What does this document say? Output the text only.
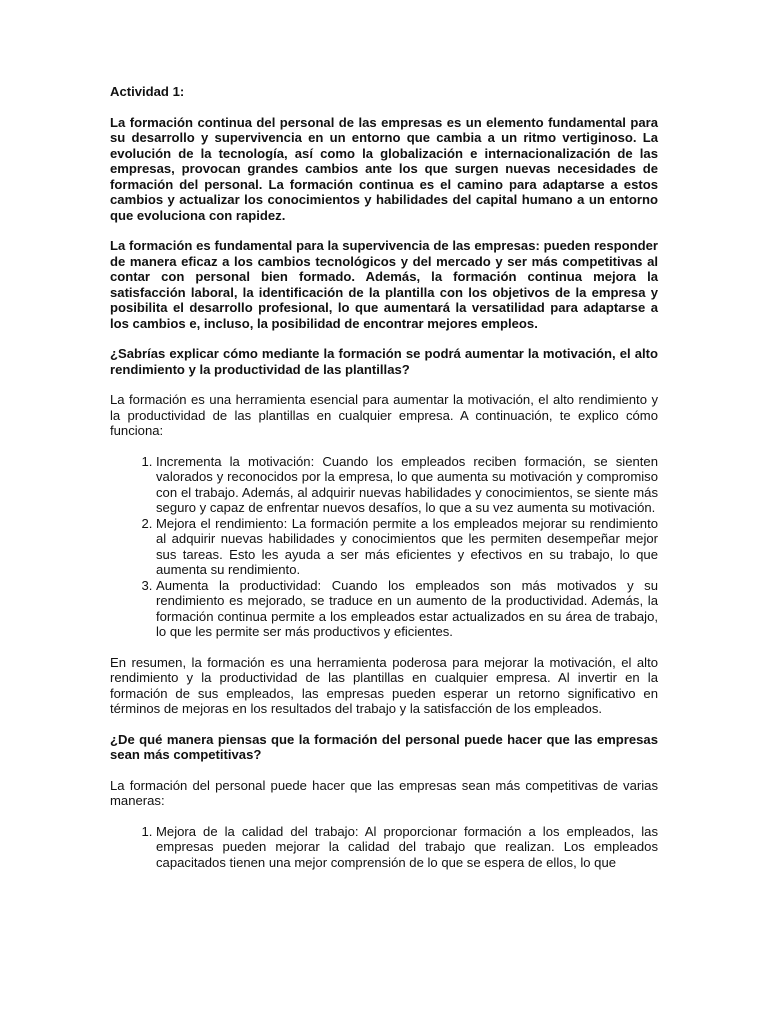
Actividad 1:

La formación continua del personal de las empresas es un elemento fundamental para su desarrollo y supervivencia en un entorno que cambia a un ritmo vertiginoso. La evolución de la tecnología, así como la globalización e internacionalización de las empresas, provocan grandes cambios ante los que surgen nuevas necesidades de formación del personal. La formación continua es el camino para adaptarse a estos cambios y actualizar los conocimientos y habilidades del capital humano a un entorno que evoluciona con rapidez.

La formación es fundamental para la supervivencia de las empresas: pueden responder de manera eficaz a los cambios tecnológicos y del mercado y ser más competitivas al contar con personal bien formado. Además, la formación continua mejora la satisfacción laboral, la identificación de la plantilla con los objetivos de la empresa y posibilita el desarrollo profesional, lo que aumentará la versatilidad para adaptarse a los cambios e, incluso, la posibilidad de encontrar mejores empleos.

¿Sabrías explicar cómo mediante la formación se podrá aumentar la motivación, el alto rendimiento y la productividad de las plantillas?

La formación es una herramienta esencial para aumentar la motivación, el alto rendimiento y la productividad de las plantillas en cualquier empresa. A continuación, te explico cómo funciona:

1. Incrementa la motivación: Cuando los empleados reciben formación, se sienten valorados y reconocidos por la empresa, lo que aumenta su motivación y compromiso con el trabajo. Además, al adquirir nuevas habilidades y conocimientos, se siente más seguro y capaz de enfrentar nuevos desafíos, lo que a su vez aumenta su motivación.
2. Mejora el rendimiento: La formación permite a los empleados mejorar su rendimiento al adquirir nuevas habilidades y conocimientos que les permiten desempeñar mejor sus tareas. Esto les ayuda a ser más eficientes y efectivos en su trabajo, lo que aumenta su rendimiento.
3. Aumenta la productividad: Cuando los empleados son más motivados y su rendimiento es mejorado, se traduce en un aumento de la productividad. Además, la formación continua permite a los empleados estar actualizados en su área de trabajo, lo que les permite ser más productivos y eficientes.

En resumen, la formación es una herramienta poderosa para mejorar la motivación, el alto rendimiento y la productividad de las plantillas en cualquier empresa. Al invertir en la formación de sus empleados, las empresas pueden esperar un retorno significativo en términos de mejoras en los resultados del trabajo y la satisfacción de los empleados.

¿De qué manera piensas que la formación del personal puede hacer que las empresas sean más competitivas?

La formación del personal puede hacer que las empresas sean más competitivas de varias maneras:

1. Mejora de la calidad del trabajo: Al proporcionar formación a los empleados, las empresas pueden mejorar la calidad del trabajo que realizan. Los empleados capacitados tienen una mejor comprensión de lo que se espera de ellos, lo que
